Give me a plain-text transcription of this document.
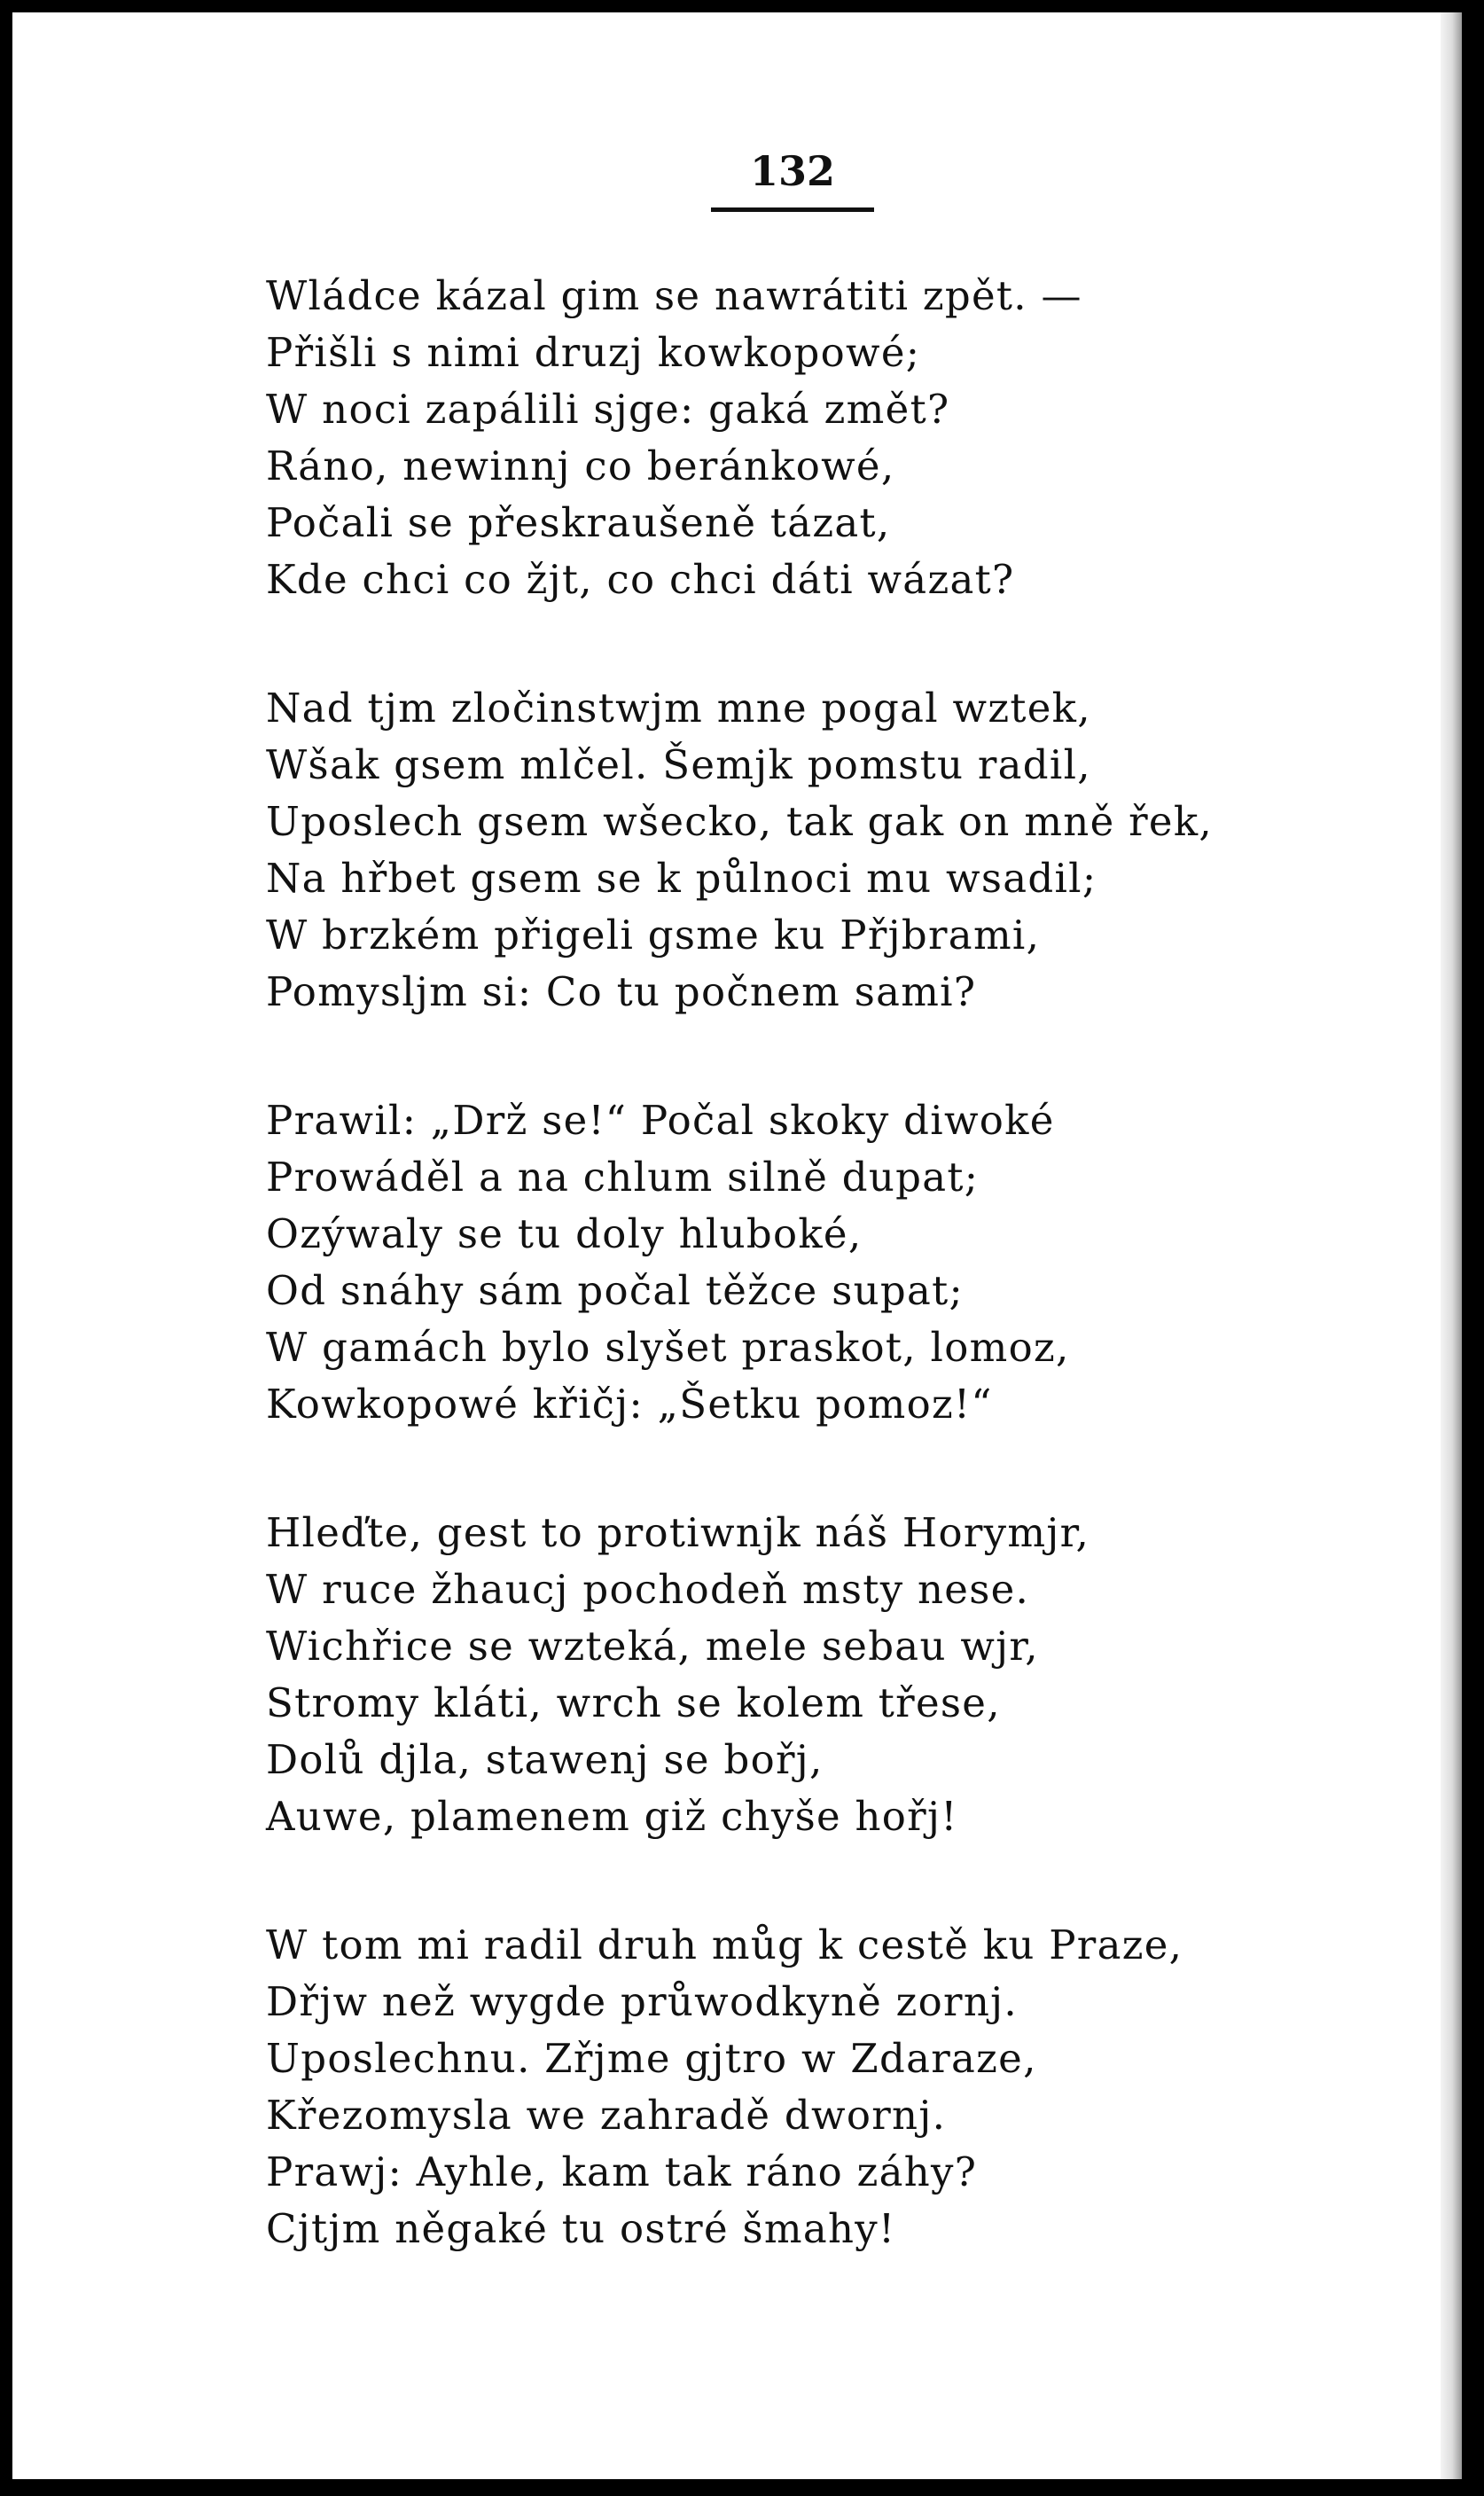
132
Wládce kázal gim se nawrátiti zpět. —
Přišli s nimi druzj kowkopowé;
W noci zapálili sjge: gaká změt?
Ráno, newinnj co beránkowé,
Počali se přeskraušeně tázat,
Kde chci co žjt, co chci dáti wázat?
Nad tjm zločinstwjm mne pogal wztek,
Wšak gsem mlčel. Šemjk pomstu radil,
Uposlech gsem wšecko, tak gak on mně řek,
Na hřbet gsem se k půlnoci mu wsadil;
W brzkém přigeli gsme ku Přjbrami,
Pomysljm si: Co tu počnem sami?
Prawil: „Drž se!“ Počal skoky diwoké
Prowáděl a na chlum silně dupat;
Ozýwaly se tu doly hluboké,
Od snáhy sám počal těžce supat;
W gamách bylo slyšet praskot, lomoz,
Kowkopowé křičj: „Šetku pomoz!“
Hleďte, gest to protiwnjk náš Horymjr,
W ruce žhaucj pochodeň msty nese.
Wichřice se wzteká, mele sebau wjr,
Stromy kláti, wrch se kolem třese,
Dolů djla, stawenj se bořj,
Auwe, plamenem giž chyše hořj!
W tom mi radil druh můg k cestě ku Praze,
Dřjw než wygde průwodkyně zornj.
Uposlechnu. Zřjme gjtro w Zdaraze,
Křezomysla we zahradě dwornj.
Prawj: Ayhle, kam tak ráno záhy?
Cjtjm něgaké tu ostré šmahy!
